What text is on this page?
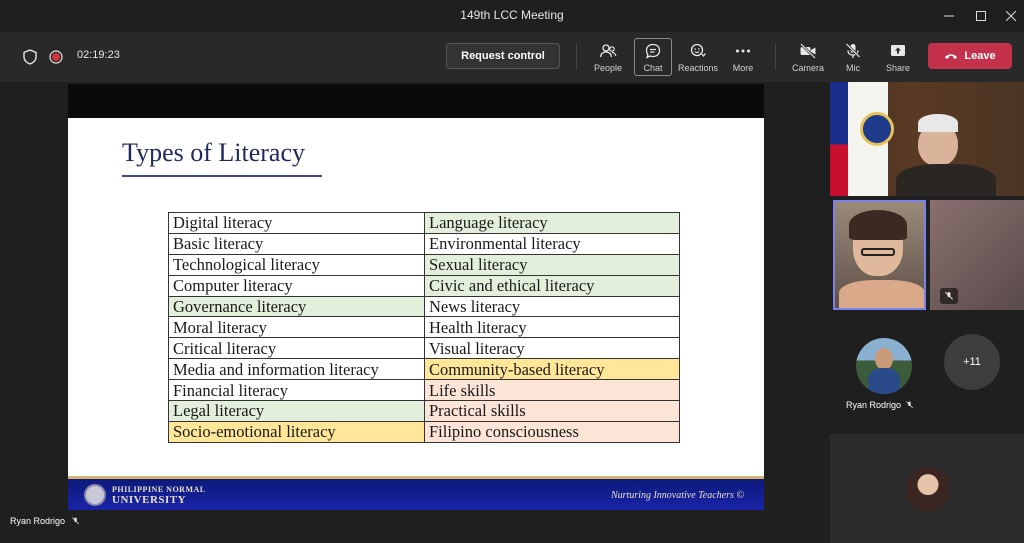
149th LCC Meeting
02:19:23	Request control
People Chat Reactions More	Camera Mic	Share
Leave
Types of Literacy
Digital literacy	Language literacy
Basic literacy	Environmental literacy
Technological literacy	Sexual literacy
Computer literacy	Civic and ethical literacy
Governance literacy	News literacy
Moral literacy	Health literacy
Critical literacy	Visual literacy
Media and information literacy	Community-based literacy
Financial literacy	Life skills
Legal literacy	Practical skills
Socio-emotional literacy	Filipino consciousness
PHILIPPINE NORMAL
UNIVERSITY	Nurturing Innovative Teachers ©
Ryan Rodrigo
Ryan Rodrigo
+11
